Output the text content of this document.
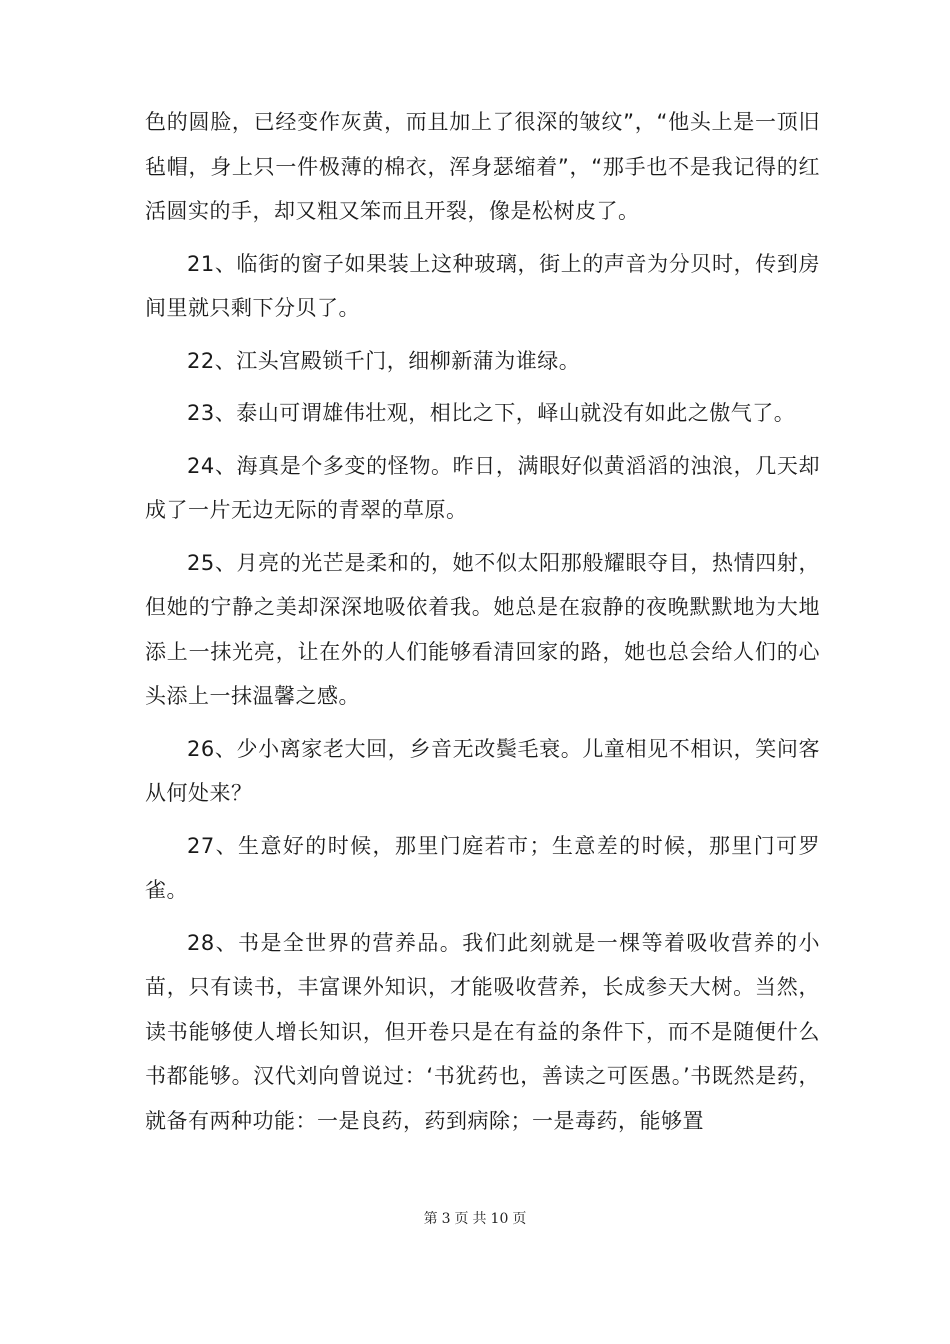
色的圆脸，已经变作灰黄，而且加上了很深的皱纹”，“他头上是一顶旧毡帽，身上只一件极薄的棉衣，浑身瑟缩着”，“那手也不是我记得的红活圆实的手，却又粗又笨而且开裂，像是松树皮了。

21、临街的窗子如果装上这种玻璃，街上的声音为分贝时，传到房间里就只剩下分贝了。

22、江头宫殿锁千门，细柳新蒲为谁绿。

23、泰山可谓雄伟壮观，相比之下，峄山就没有如此之傲气了。

24、海真是个多变的怪物。昨日，满眼好似黄滔滔的浊浪，几天却成了一片无边无际的青翠的草原。

25、月亮的光芒是柔和的，她不似太阳那般耀眼夺目，热情四射，但她的宁静之美却深深地吸依着我。她总是在寂静的夜晚默默地为大地添上一抹光亮，让在外的人们能够看清回家的路，她也总会给人们的心头添上一抹温馨之感。

26、少小离家老大回，乡音无改鬓毛衰。儿童相见不相识，笑问客从何处来？

27、生意好的时候，那里门庭若市；生意差的时候，那里门可罗雀。

28、书是全世界的营养品。我们此刻就是一棵等着吸收营养的小苗，只有读书，丰富课外知识，才能吸收营养，长成参天大树。当然，读书能够使人增长知识，但开卷只是在有益的条件下，而不是随便什么书都能够。汉代刘向曾说过：‘书犹药也，善读之可医愚。’书既然是药，就备有两种功能：一是良药，药到病除；一是毒药，能够置

第 3 页 共 10 页
